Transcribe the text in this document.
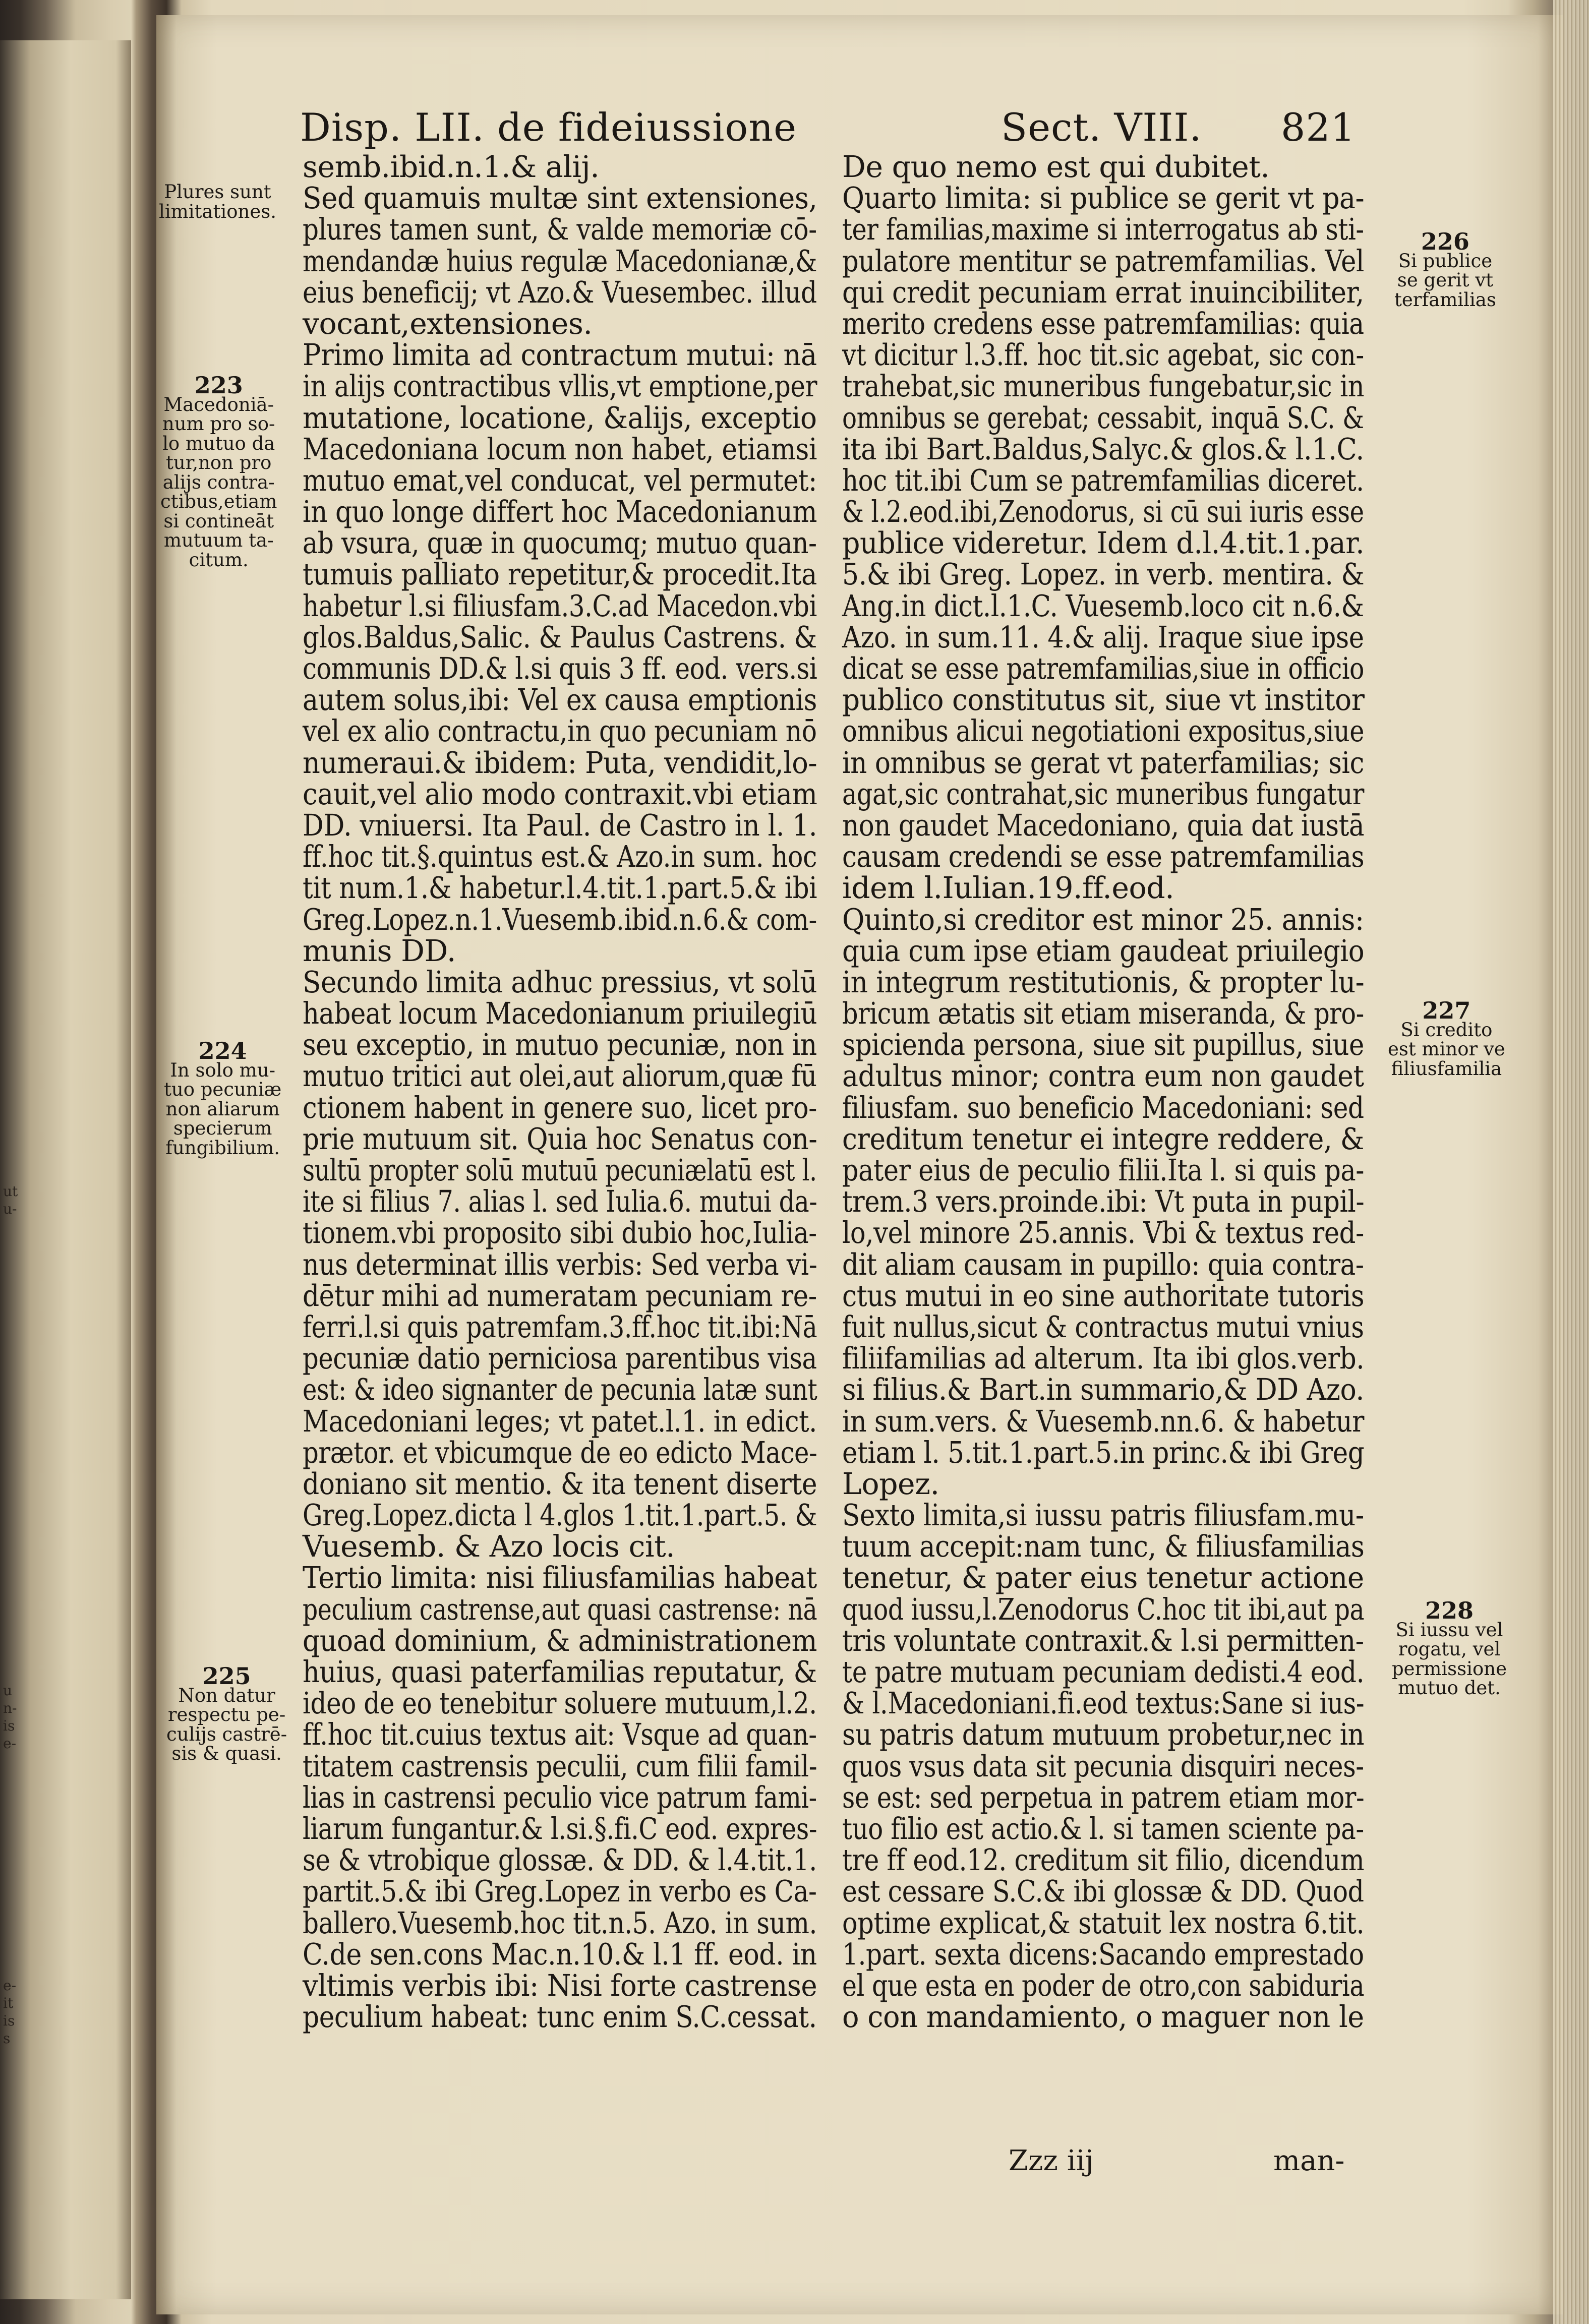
ut
u-
u
n-
is
e-
e-
it
is
s
Disp. LII. de fideiussione	Sect. VIII. 821
semb.ibid.n.1.& alij.
Sed quamuis multæ sint extensiones,
plures tamen sunt, & valde memoriæ cō-
mendandæ huius regulæ Macedonianæ,&
eius beneficij; vt Azo.& Vuesembec. illud
vocant,extensiones.
Primo limita ad contractum mutui: nā
in alijs contractibus vllis,vt emptione,per
mutatione, locatione, &alijs, exceptio
Macedoniana locum non habet, etiamsi
mutuo emat,vel conducat, vel permutet:
in quo longe differt hoc Macedonianum
ab vsura, quæ in quocumq; mutuo quan-
tumuis palliato repetitur,& procedit.Ita
habetur l.si filiusfam.3.C.ad Macedon.vbi
glos.Baldus,Salic. & Paulus Castrens. &
communis DD.& l.si quis 3 ff. eod. vers.si
autem solus,ibi: Vel ex causa emptionis
vel ex alio contractu,in quo pecuniam nō
numeraui.& ibidem: Puta, vendidit,lo-
cauit,vel alio modo contraxit.vbi etiam
DD. vniuersi. Ita Paul. de Castro in l. 1.
ff.hoc tit.§.quintus est.& Azo.in sum. hoc
tit num.1.& habetur.l.4.tit.1.part.5.& ibi
Greg.Lopez.n.1.Vuesemb.ibid.n.6.& com-
munis DD.
Secundo limita adhuc pressius, vt solū
habeat locum Macedonianum priuilegiū
seu exceptio, in mutuo pecuniæ, non in
mutuo tritici aut olei,aut aliorum,quæ fū
ctionem habent in genere suo, licet pro-
prie mutuum sit. Quia hoc Senatus con-
sultū propter solū mutuū pecuniælatū est l.
ite si filius 7. alias l. sed Iulia.6. mutui da-
tionem.vbi proposito sibi dubio hoc,Iulia-
nus determinat illis verbis: Sed verba vi-
dētur mihi ad numeratam pecuniam re-
ferri.l.si quis patremfam.3.ff.hoc tit.ibi:Nā
pecuniæ datio perniciosa parentibus visa
est: & ideo signanter de pecunia latæ sunt
Macedoniani leges; vt patet.l.1. in edict.
prætor. et vbicumque de eo edicto Mace-
doniano sit mentio. & ita tenent diserte
Greg.Lopez.dicta l 4.glos 1.tit.1.part.5. &
Vuesemb. & Azo locis cit.
Tertio limita: nisi filiusfamilias habeat
peculium castrense,aut quasi castrense: nā
quoad dominium, & administrationem
huius, quasi paterfamilias reputatur, &
ideo de eo tenebitur soluere mutuum,l.2.
ff.hoc tit.cuius textus ait: Vsque ad quan-
titatem castrensis peculii, cum filii famil-
lias in castrensi peculio vice patrum fami-
liarum fungantur.& l.si.§.fi.C eod. expres-
se & vtrobique glossæ. & DD. & l.4.tit.1.
partit.5.& ibi Greg.Lopez in verbo es Ca-
ballero.Vuesemb.hoc tit.n.5. Azo. in sum.
C.de sen.cons Mac.n.10.& l.1 ff. eod. in
vltimis verbis ibi: Nisi forte castrense
peculium habeat: tunc enim S.C.cessat.
De quo nemo est qui dubitet.
Quarto limita: si publice se gerit vt pa-
ter familias,maxime si interrogatus ab sti-
pulatore mentitur se patremfamilias. Vel
qui credit pecuniam errat inuincibiliter,
merito credens esse patremfamilias: quia
vt dicitur l.3.ff. hoc tit.sic agebat, sic con-
trahebat,sic muneribus fungebatur,sic in
omnibus se gerebat; cessabit, inquā S.C. &
ita ibi Bart.Baldus,Salyc.& glos.& l.1.C.
hoc tit.ibi Cum se patremfamilias diceret.
& l.2.eod.ibi,Zenodorus, si cū sui iuris esse
publice videretur. Idem d.l.4.tit.1.par.
5.& ibi Greg. Lopez. in verb. mentira. &
Ang.in dict.l.1.C. Vuesemb.loco cit n.6.&
Azo. in sum.11. 4.& alij. Iraque siue ipse
dicat se esse patremfamilias,siue in officio
publico constitutus sit, siue vt institor
omnibus alicui negotiationi expositus,siue
in omnibus se gerat vt paterfamilias; sic
agat,sic contrahat,sic muneribus fungatur
non gaudet Macedoniano, quia dat iustā
causam credendi se esse patremfamilias
idem l.Iulian.19.ff.eod.
Quinto,si creditor est minor 25. annis:
quia cum ipse etiam gaudeat priuilegio
in integrum restitutionis, & propter lu-
bricum ætatis sit etiam miseranda, & pro-
spicienda persona, siue sit pupillus, siue
adultus minor; contra eum non gaudet
filiusfam. suo beneficio Macedoniani: sed
creditum tenetur ei integre reddere, &
pater eius de peculio filii.Ita l. si quis pa-
trem.3 vers.proinde.ibi: Vt puta in pupil-
lo,vel minore 25.annis. Vbi & textus red-
dit aliam causam in pupillo: quia contra-
ctus mutui in eo sine authoritate tutoris
fuit nullus,sicut & contractus mutui vnius
filiifamilias ad alterum. Ita ibi glos.verb.
si filius.& Bart.in summario,& DD Azo.
in sum.vers. & Vuesemb.nn.6. & habetur
etiam l. 5.tit.1.part.5.in princ.& ibi Greg
Lopez.
Sexto limita,si iussu patris filiusfam.mu-
tuum accepit:nam tunc, & filiusfamilias
tenetur, & pater eius tenetur actione
quod iussu,l.Zenodorus C.hoc tit ibi,aut pa
tris voluntate contraxit.& l.si permitten-
te patre mutuam pecuniam dedisti.4 eod.
& l.Macedoniani.fi.eod textus:Sane si ius-
su patris datum mutuum probetur,nec in
quos vsus data sit pecunia disquiri neces-
se est: sed perpetua in patrem etiam mor-
tuo filio est actio.& l. si tamen sciente pa-
tre ff eod.12. creditum sit filio, dicendum
est cessare S.C.& ibi glossæ & DD. Quod
optime explicat,& statuit lex nostra 6.tit.
1.part. sexta dicens:Sacando emprestado
el que esta en poder de otro,con sabiduria
o con mandamiento, o maguer non le
Plures sunt
limitationes.
223
Macedoniā-
num pro so-
lo mutuo da
tur,non pro
alijs contra-
ctibus,etiam
si contineāt
mutuum ta-
citum.
224
In solo mu-
tuo pecuniæ
non aliarum
specierum
fungibilium.
225
Non datur
respectu pe-
culijs castrē-
sis & quasi.
226
Si publice
se gerit vt
terfamilias
227
Si credito
est minor ve
filiusfamilia
228
Si iussu vel
rogatu, vel
permissione
mutuo det.
Zzz iij	man-
